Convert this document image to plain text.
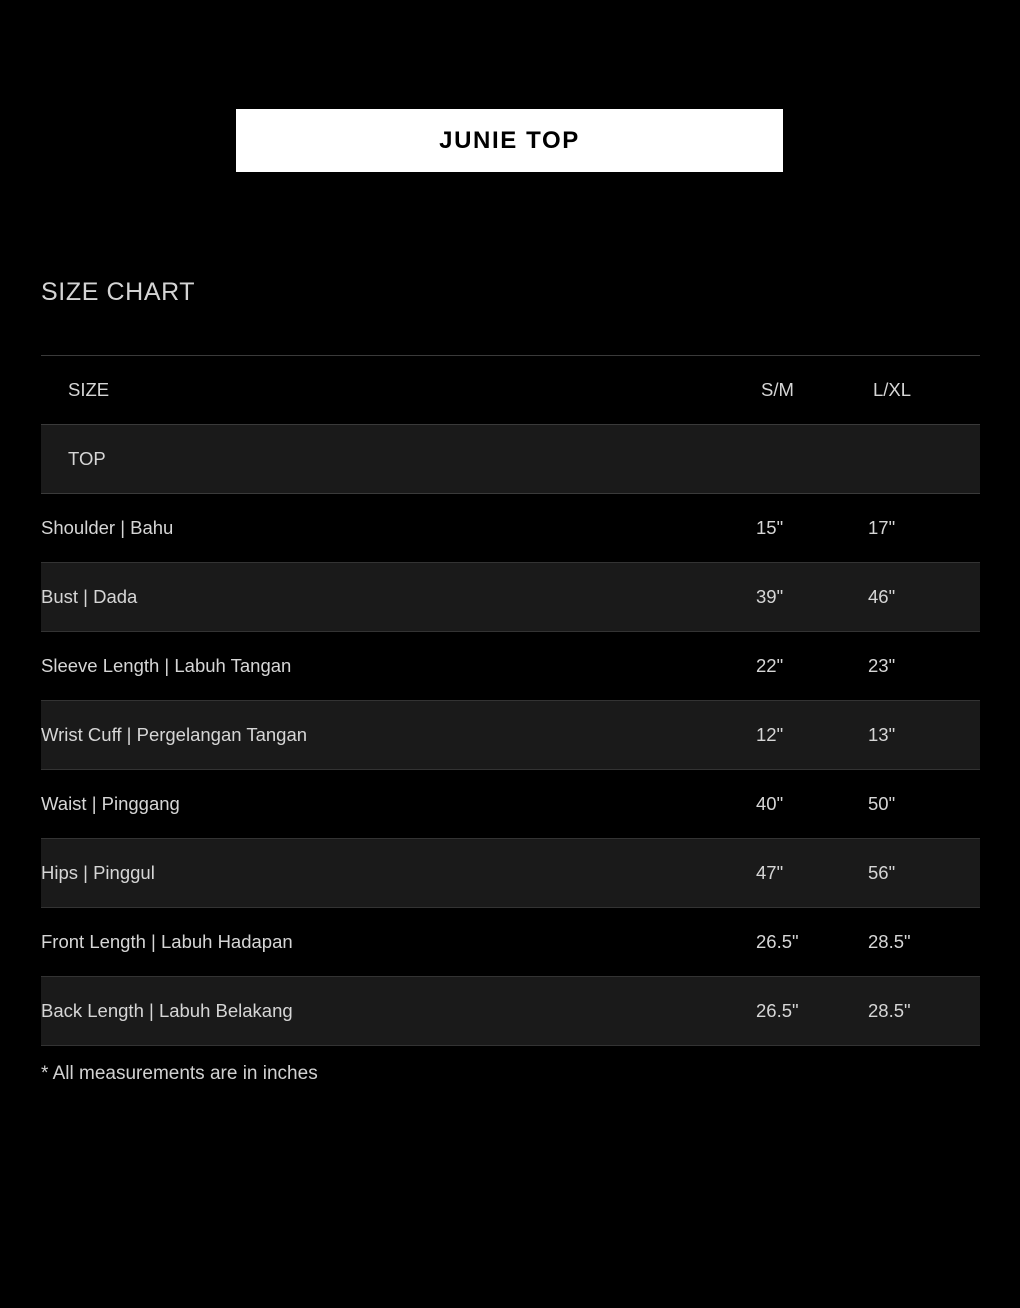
JUNIE TOP
SIZE CHART
SIZE	S/M	L/XL
TOP		
Shoulder | Bahu	15"	17"
Bust | Dada	39"	46"
Sleeve Length | Labuh Tangan	22"	23"
Wrist Cuff | Pergelangan Tangan	12"	13"
Waist | Pinggang	40"	50"
Hips | Pinggul	47"	56"
Front Length | Labuh Hadapan	26.5"	28.5"
Back Length | Labuh Belakang	26.5"	28.5"
* All measurements are in inches
